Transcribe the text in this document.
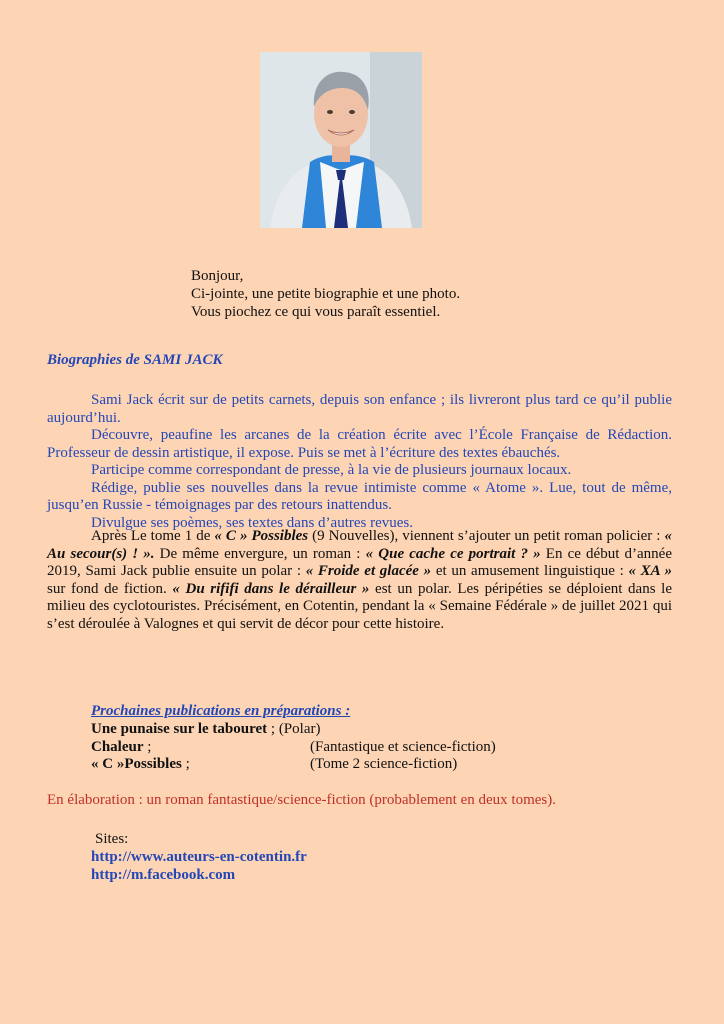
Bonjour,
Ci-jointe, une petite biographie et une photo.
Vous piochez ce qui vous paraît essentiel.
Biographies de SAMI JACK

Sami Jack écrit sur de petits carnets, depuis son enfance ; ils livreront plus tard ce qu’il publie aujourd’hui.

Découvre, peaufine les arcanes de la création écrite avec l’École Française de Rédaction. Professeur de dessin artistique, il expose. Puis se met à l’écriture des textes ébauchés.

Participe comme correspondant de presse, à la vie de plusieurs journaux locaux.

Rédige, publie ses nouvelles dans la revue intimiste comme « Atome ». Lue, tout de même, jusqu’en Russie - témoignages par des retours inattendus.

Divulgue ses poèmes, ses textes dans d’autres revues.

Après Le tome 1 de « C » Possibles (9 Nouvelles), viennent s’ajouter un petit roman policier : « Au secour(s) ! ». De même envergure, un roman : « Que cache ce portrait ? » En ce début d’année 2019, Sami Jack publie ensuite un polar : « Froide et glacée » et un amusement linguistique : « XA » sur fond de fiction. « Du rififi dans le dérailleur » est un polar. Les péripéties se déploient dans le milieu des cyclotouristes. Précisément, en Cotentin, pendant la « Semaine Fédérale » de juillet 2021 qui s’est déroulée à Valognes et qui servit de décor pour cette histoire.
Prochaines publications en préparations :
Une punaise sur le tabouret ; (Polar)
Chaleur ;	(Fantastique et science-fiction)
« C »Possibles ;	(Tome 2 science-fiction)
En élaboration : un roman fantastique/science-fiction (probablement en deux tomes).
Sites:
http://www.auteurs-en-cotentin.fr
http://m.facebook.com
